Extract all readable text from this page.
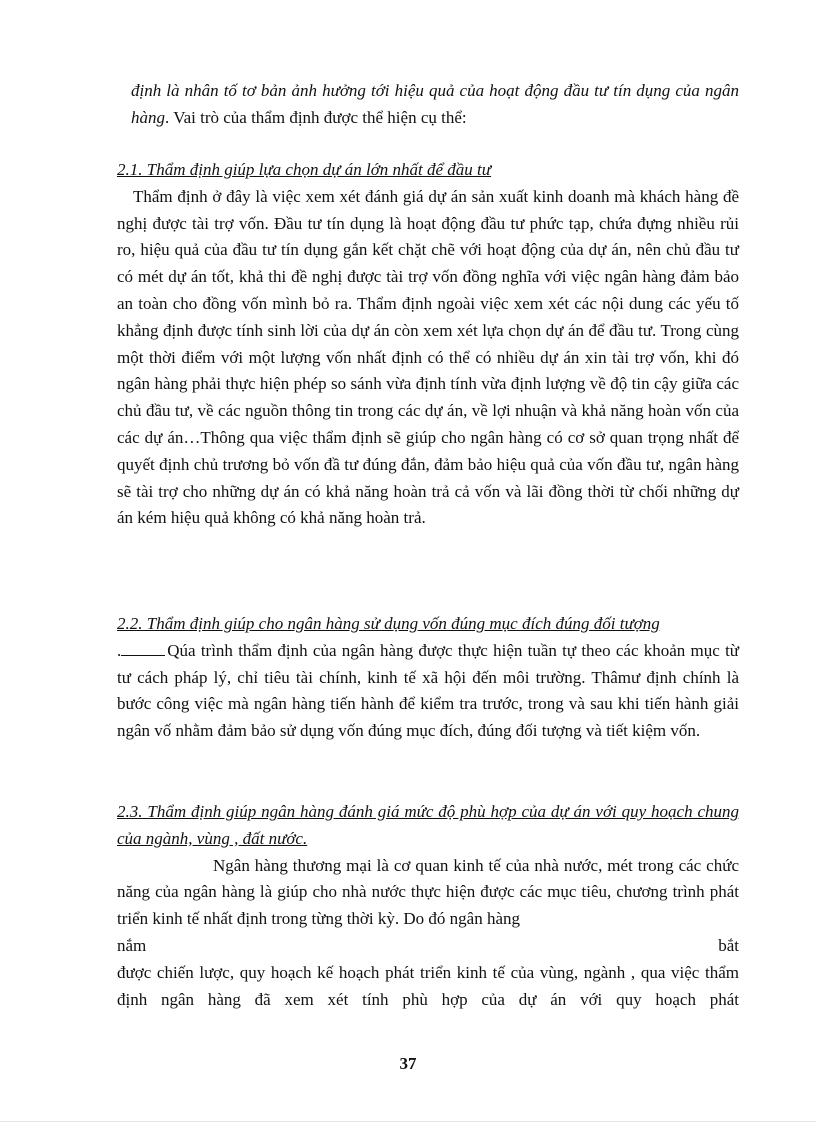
định là nhân tố tơ bản ảnh hưởng tới hiệu quả của hoạt động đầu tư tín dụng của ngân hàng. Vai trò của thẩm định được thể hiện cụ thể:

2.1. Thẩm định giúp lựa chọn dự án lớn nhất để đầu tư

Thẩm định ở đây là việc xem xét đánh giá dự án sản xuất kinh doanh mà khách hàng đề nghị được tài trợ vốn. Đầu tư tín dụng là hoạt động đầu tư phức tạp, chứa đựng nhiều rủi ro, hiệu quả của đầu tư tín dụng gắn kết chặt chẽ với hoạt động của dự án, nên chủ đầu tư có mét dự án tốt, khả thi đề nghị được tài trợ vốn đồng nghĩa với việc ngân hàng đảm bảo an toàn cho đồng vốn mình bỏ ra. Thẩm định ngoài việc xem xét các nội dung các yếu tố khẳng định được tính sinh lời của dự án còn xem xét lựa chọn dự án để đầu tư. Trong cùng một thời điểm với một lượng vốn nhất định có thể có nhiều dự án xin tài trợ vốn, khi đó ngân hàng phải thực hiện phép so sánh vừa định tính vừa định lượng về độ tin cậy giữa các chủ đầu tư, về các nguồn thông tin trong các dự án, về lợi nhuận và khả năng hoàn vốn của các dự án…Thông qua việc thẩm định sẽ giúp cho ngân hàng có cơ sở quan trọng nhất để quyết định chủ trương bỏ vốn đầ tư đúng đắn, đảm bảo hiệu quả của vốn đầu tư, ngân hàng sẽ tài trợ cho những dự án có khả năng hoàn trả cả vốn và lãi đồng thời từ chối những dự án kém hiệu quả không có khả năng hoàn trả.

2.2. Thẩm định giúp cho ngân hàng sử dụng vốn đúng mục đích đúng đối tượng

.	Qúa trình thẩm định của ngân hàng được thực hiện tuần tự theo các khoản mục từ tư cách pháp lý, chỉ tiêu tài chính, kinh tế xã hội đến môi trường. Thâmư định chính là bước công việc mà ngân hàng tiến hành để kiểm tra trước, trong và sau khi tiến hành giải ngân vố nhằm đảm bảo sử dụng vốn đúng mục đích, đúng đối tượng và tiết kiệm vốn.

2.3. Thẩm định giúp ngân hàng đánh giá mức độ phù hợp của dự án với quy hoạch chung của ngành, vùng , đất nước.

Ngân hàng thương mại là cơ quan kinh tế của nhà nước, mét trong các chức năng của ngân hàng là giúp cho nhà nước thực hiện được các mục tiêu, chương trình phát triển kinh tế nhất định trong từng thời kỳ. Do đó ngân hàng

nắm	bắt

được chiến lược, quy hoạch kế hoạch phát triển kinh tế của vùng, ngành , qua việc thẩm định ngân hàng đã xem xét tính phù hợp của dự án với quy hoạch phát

37
